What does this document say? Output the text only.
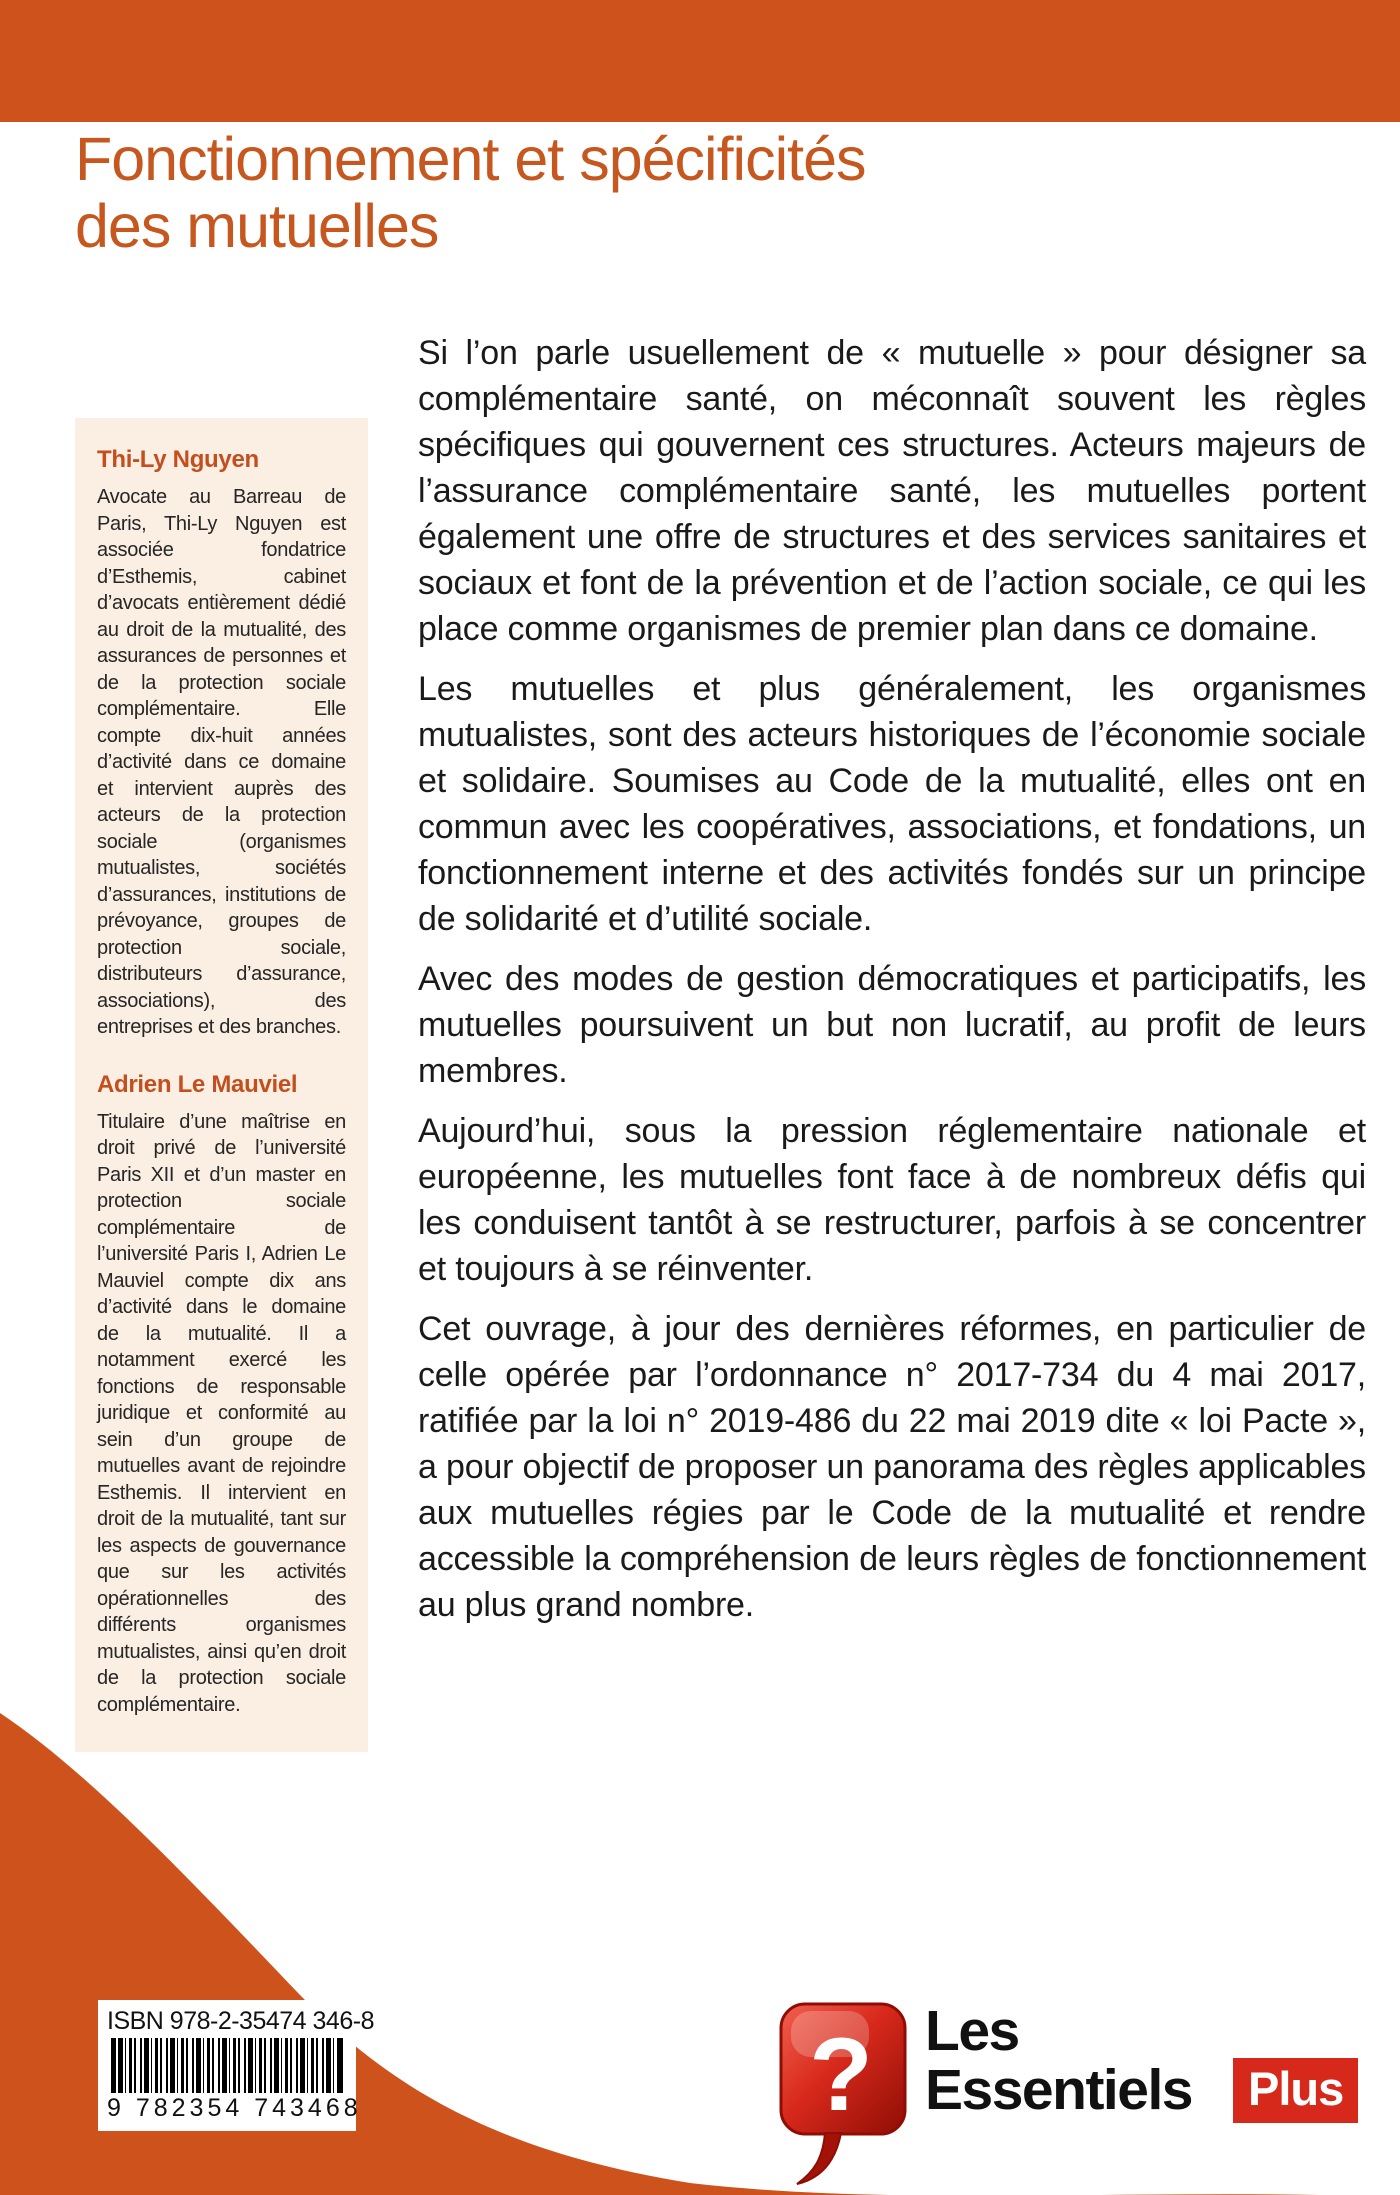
Fonctionnement et spécificités
des mutuelles
Thi-Ly Nguyen

Avocate au Barreau de Paris, Thi-Ly Nguyen est associée fondatrice d’Esthemis, cabinet d’avocats entièrement dédié au droit de la mutualité, des assurances de personnes et de la protection sociale complémentaire. Elle compte dix-huit années d’activité dans ce domaine et intervient auprès des acteurs de la protection sociale (organismes mutualistes, sociétés d’assurances, institutions de prévoyance, groupes de protection sociale, distributeurs d’assurance, associations), des entreprises et des branches.

Adrien Le Mauviel

Titulaire d’une maîtrise en droit privé de l’université Paris XII et d’un master en protection sociale complémentaire de l’université Paris I, Adrien Le Mauviel compte dix ans d’activité dans le domaine de la mutualité. Il a notamment exercé les fonctions de responsable juridique et conformité au sein d’un groupe de mutuelles avant de rejoindre Esthemis. Il intervient en droit de la mutualité, tant sur les aspects de gouvernance que sur les activités opérationnelles des différents organismes mutualistes, ainsi qu’en droit de la protection sociale complémentaire.

Si l’on parle usuellement de « mutuelle » pour désigner sa complémentaire santé, on méconnaît souvent les règles spécifiques qui gouvernent ces structures. Acteurs majeurs de l’assurance complémentaire santé, les mutuelles portent également une offre de structures et des services sanitaires et sociaux et font de la prévention et de l’action sociale, ce qui les place comme organismes de premier plan dans ce domaine.

Les mutuelles et plus généralement, les organismes mutualistes, sont des acteurs historiques de l’économie sociale et solidaire. Soumises au Code de la mutualité, elles ont en commun avec les coopératives, associations, et fondations, un fonctionnement interne et des activités fondés sur un principe de solidarité et d’utilité sociale.

Avec des modes de gestion démocratiques et participatifs, les mutuelles poursuivent un but non lucratif, au profit de leurs membres.

Aujourd’hui, sous la pression réglementaire nationale et européenne, les mutuelles font face à de nombreux défis qui les conduisent tantôt à se restructurer, parfois à se concentrer et toujours à se réinventer.

Cet ouvrage, à jour des dernières réformes, en particulier de celle opérée par l’ordonnance n° 2017-734 du 4 mai 2017, ratifiée par la loi n° 2019-486 du 22 mai 2019 dite « loi Pacte », a pour objectif de proposer un panorama des règles applicables aux mutuelles régies par le Code de la mutualité et rendre accessible la compréhension de leurs règles de fonctionnement au plus grand nombre.

ISBN 978-2-35474 346-8
9 782354 743468	? Les
Essentiels	Plus
